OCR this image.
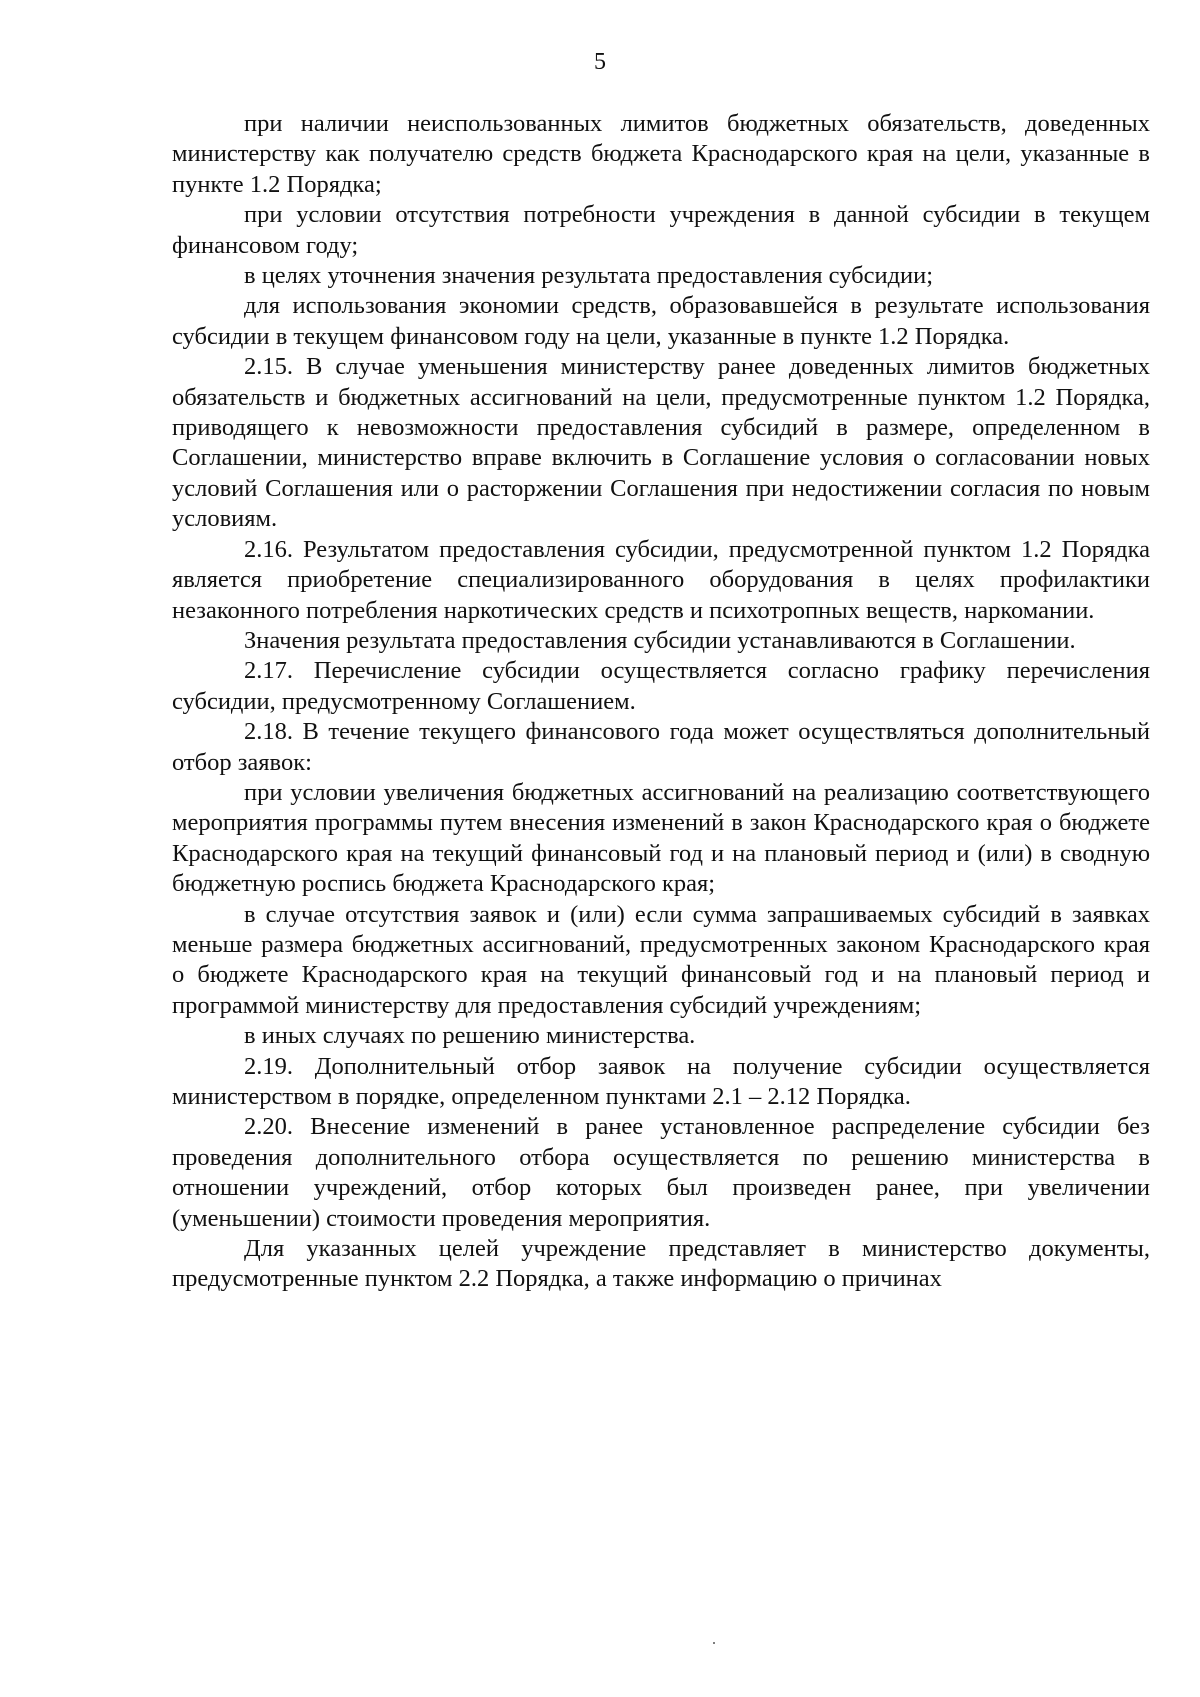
5

при наличии неиспользованных лимитов бюджетных обязательств, доведенных министерству как получателю средств бюджета Краснодарского края на цели, указанные в пункте 1.2 Порядка;

при условии отсутствия потребности учреждения в данной субсидии в текущем финансовом году;

в целях уточнения значения результата предоставления субсидии;

для использования экономии средств, образовавшейся в результате использования субсидии в текущем финансовом году на цели, указанные в пункте 1.2 Порядка.

2.15. В случае уменьшения министерству ранее доведенных лимитов бюджетных обязательств и бюджетных ассигнований на цели, предусмотренные пунктом 1.2 Порядка, приводящего к невозможности предоставления субсидий в размере, определенном в Соглашении, министерство вправе включить в Соглашение условия о согласовании новых условий Соглашения или о расторжении Соглашения при недостижении согласия по новым условиям.

2.16. Результатом предоставления субсидии, предусмотренной пунктом 1.2 Порядка является приобретение специализированного оборудования в целях профилактики незаконного потребления наркотических средств и психотропных веществ, наркомании.

Значения результата предоставления субсидии устанавливаются в Соглашении.

2.17. Перечисление субсидии осуществляется согласно графику перечисления субсидии, предусмотренному Соглашением.

2.18. В течение текущего финансового года может осуществляться дополнительный отбор заявок:

при условии увеличения бюджетных ассигнований на реализацию соответствующего мероприятия программы путем внесения изменений в закон Краснодарского края о бюджете Краснодарского края на текущий финансовый год и на плановый период и (или) в сводную бюджетную роспись бюджета Краснодарского края;

в случае отсутствия заявок и (или) если сумма запрашиваемых субсидий в заявках меньше размера бюджетных ассигнований, предусмотренных законом Краснодарского края о бюджете Краснодарского края на текущий финансовый год и на плановый период и программой министерству для предоставления субсидий учреждениям;

в иных случаях по решению министерства.

2.19. Дополнительный отбор заявок на получение субсидии осуществляется министерством в порядке, определенном пунктами 2.1 – 2.12 Порядка.

2.20. Внесение изменений в ранее установленное распределение субсидии без проведения дополнительного отбора осуществляется по решению министерства в отношении учреждений, отбор которых был произведен ранее, при увеличении (уменьшении) стоимости проведения мероприятия.

Для указанных целей учреждение представляет в министерство документы, предусмотренные пунктом 2.2 Порядка, а также информацию о причинах
